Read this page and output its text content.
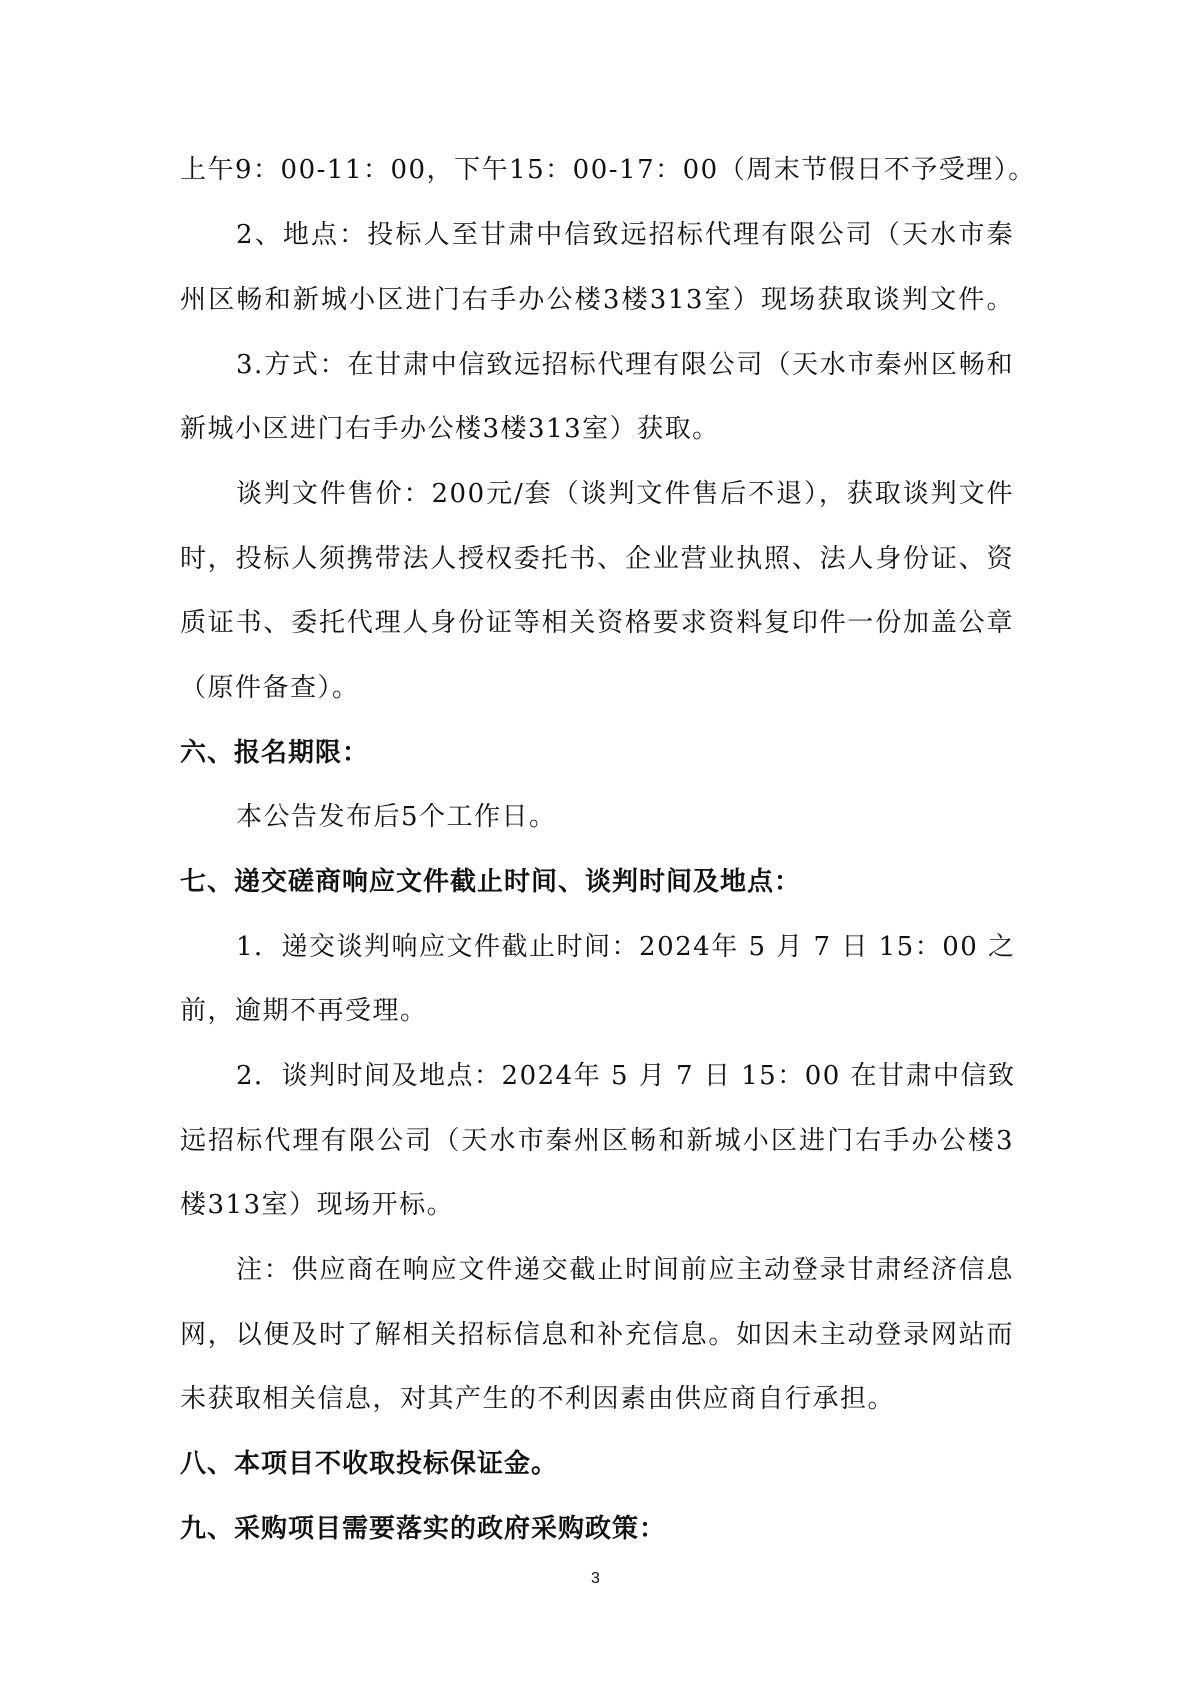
上午9：00-11：00，下午15：00-17：00（周末节假日不予受理）。

2、地点：投标人至甘肃中信致远招标代理有限公司（天水市秦

州区畅和新城小区进门右手办公楼3楼313室）现场获取谈判文件。

3.方式：在甘肃中信致远招标代理有限公司（天水市秦州区畅和

新城小区进门右手办公楼3楼313室）获取。

谈判文件售价：200元/套（谈判文件售后不退），获取谈判文件

时，投标人须携带法人授权委托书、企业营业执照、法人身份证、资

质证书、委托代理人身份证等相关资格要求资料复印件一份加盖公章

（原件备查）。

六、报名期限：

本公告发布后5个工作日。

七、递交磋商响应文件截止时间、谈判时间及地点：

1．递交谈判响应文件截止时间：2024年 5 月 7 日 15：00 之

前，逾期不再受理。

2．谈判时间及地点：2024年 5 月 7 日 15：00 在甘肃中信致

远招标代理有限公司（天水市秦州区畅和新城小区进门右手办公楼3

楼313室）现场开标。

注：供应商在响应文件递交截止时间前应主动登录甘肃经济信息

网，以便及时了解相关招标信息和补充信息。如因未主动登录网站而

未获取相关信息，对其产生的不利因素由供应商自行承担。

八、本项目不收取投标保证金。

九、采购项目需要落实的政府采购政策：

3
